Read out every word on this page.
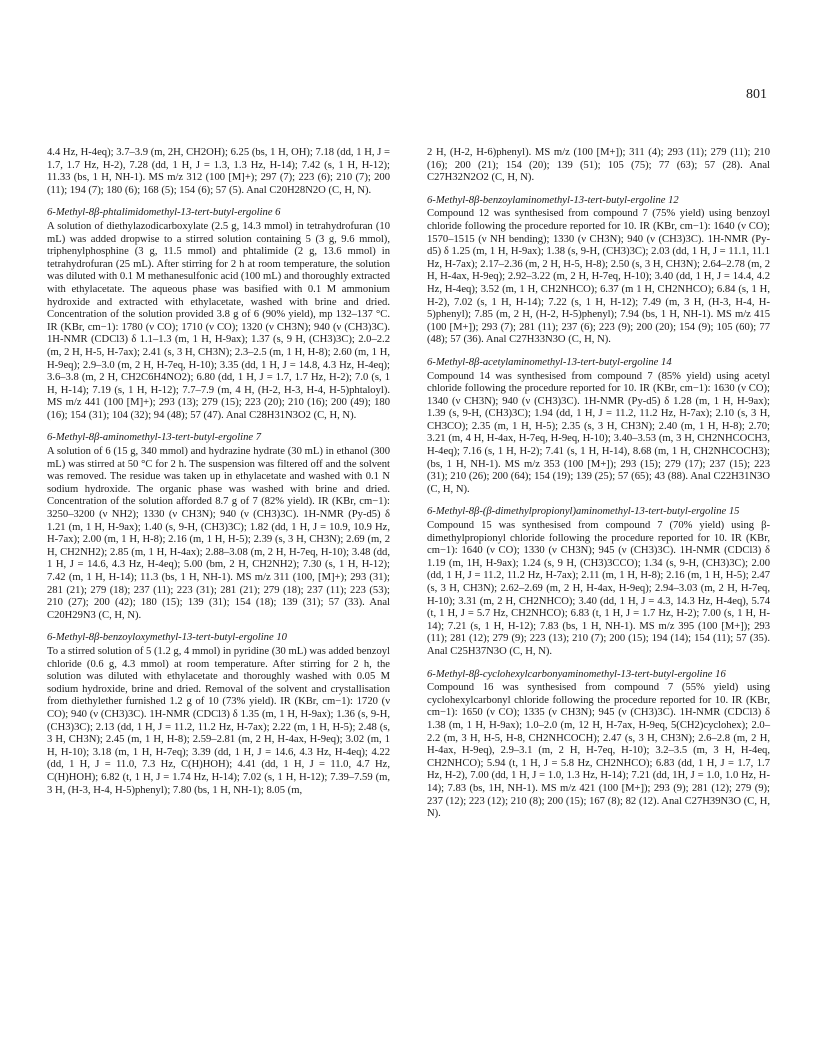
801

4.4 Hz, H-4eq); 3.7–3.9 (m, 2H, CH2OH); 6.25 (bs, 1 H, OH); 7.18 (dd, 1 H, J = 1.7, 1.7 Hz, H-2), 7.28 (dd, 1 H, J = 1.3, 1.3 Hz, H-14); 7.42 (s, 1 H, H-12); 11.33 (bs, 1 H, NH-1). MS m/z 312 (100 [M]+); 297 (7); 223 (6); 210 (7); 200 (11); 194 (7); 180 (6); 168 (5); 154 (6); 57 (5). Anal C20H28N2O (C, H, N).

6-Methyl-8β-phtalimidomethyl-13-tert-butyl-ergoline 6

A solution of diethylazodicarboxylate (2.5 g, 14.3 mmol) in tetrahydrofuran (10 mL) was added dropwise to a stirred solution containing 5 (3 g, 9.6 mmol), triphenylphosphine (3 g, 11.5 mmol) and phtalimide (2 g, 13.6 mmol) in tetrahydrofuran (25 mL). After stirring for 2 h at room temperature, the solution was diluted with 0.1 M methanesulfonic acid (100 mL) and thoroughly extracted with ethylacetate. The aqueous phase was basified with 0.1 M ammonium hydroxide and extracted with ethylacetate, washed with brine and dried. Concentration of the solution provided 3.8 g of 6 (90% yield), mp 132–137 °C. IR (KBr, cm−1): 1780 (ν CO); 1710 (ν CO); 1320 (ν CH3N); 940 (ν (CH3)3C). 1H-NMR (CDCl3) δ 1.1–1.3 (m, 1 H, H-9ax); 1.37 (s, 9 H, (CH3)3C); 2.0–2.2 (m, 2 H, H-5, H-7ax); 2.41 (s, 3 H, CH3N); 2.3–2.5 (m, 1 H, H-8); 2.60 (m, 1 H, H-9eq); 2.9–3.0 (m, 2 H, H-7eq, H-10); 3.35 (dd, 1 H, J = 14.8, 4.3 Hz, H-4eq); 3.6–3.8 (m, 2 H, CH2C6H4NO2); 6.80 (dd, 1 H, J = 1.7, 1.7 Hz, H-2); 7.0 (s, 1 H, H-14); 7.19 (s, 1 H, H-12); 7.7–7.9 (m, 4 H, (H-2, H-3, H-4, H-5)phtaloyl). MS m/z 441 (100 [M]+); 293 (13); 279 (15); 223 (20); 210 (16); 200 (49); 180 (16); 154 (31); 104 (32); 94 (48); 57 (47). Anal C28H31N3O2 (C, H, N).

6-Methyl-8β-aminomethyl-13-tert-butyl-ergoline 7

A solution of 6 (15 g, 340 mmol) and hydrazine hydrate (30 mL) in ethanol (300 mL) was stirred at 50 °C for 2 h. The suspension was filtered off and the solvent was removed. The residue was taken up in ethylacetate and washed with 0.1 N sodium hydroxide. The organic phase was washed with brine and dried. Concentration of the solution afforded 8.7 g of 7 (82% yield). IR (KBr, cm−1): 3250–3200 (ν NH2); 1330 (ν CH3N); 940 (ν (CH3)3C). 1H-NMR (Py-d5) δ 1.21 (m, 1 H, H-9ax); 1.40 (s, 9-H, (CH3)3C); 1.82 (dd, 1 H, J = 10.9, 10.9 Hz, H-7ax); 2.00 (m, 1 H, H-8); 2.16 (m, 1 H, H-5); 2.39 (s, 3 H, CH3N); 2.69 (m, 2 H, CH2NH2); 2.85 (m, 1 H, H-4ax); 2.88–3.08 (m, 2 H, H-7eq, H-10); 3.48 (dd, 1 H, J = 14.6, 4.3 Hz, H-4eq); 5.00 (bm, 2 H, CH2NH2); 7.30 (s, 1 H, H-12); 7.42 (m, 1 H, H-14); 11.3 (bs, 1 H, NH-1). MS m/z 311 (100, [M]+); 293 (31); 281 (21); 279 (18); 237 (11); 223 (31); 281 (21); 279 (18); 237 (11); 223 (53); 210 (27); 200 (42); 180 (15); 139 (31); 154 (18); 139 (31); 57 (33). Anal C20H29N3 (C, H, N).

6-Methyl-8β-benzoyloxymethyl-13-tert-butyl-ergoline 10

To a stirred solution of 5 (1.2 g, 4 mmol) in pyridine (30 mL) was added benzoyl chloride (0.6 g, 4.3 mmol) at room temperature. After stirring for 2 h, the solution was diluted with ethylacetate and thoroughly washed with 0.05 M sodium hydroxide, brine and dried. Removal of the solvent and crystallisation from diethylether furnished 1.2 g of 10 (73% yield). IR (KBr, cm−1): 1720 (ν CO); 940 (ν (CH3)3C). 1H-NMR (CDCl3) δ 1.35 (m, 1 H, H-9ax); 1.36 (s, 9-H, (CH3)3C); 2.13 (dd, 1 H, J = 11.2, 11.2 Hz, H-7ax); 2.22 (m, 1 H, H-5); 2.48 (s, 3 H, CH3N); 2.45 (m, 1 H, H-8); 2.59–2.81 (m, 2 H, H-4ax, H-9eq); 3.02 (m, 1 H, H-10); 3.18 (m, 1 H, H-7eq); 3.39 (dd, 1 H, J = 14.6, 4.3 Hz, H-4eq); 4.22 (dd, 1 H, J = 11.0, 7.3 Hz, C(H)HOH); 4.41 (dd, 1 H, J = 11.0, 4.7 Hz, C(H)HOH); 6.82 (t, 1 H, J = 1.74 Hz, H-14); 7.02 (s, 1 H, H-12); 7.39–7.59 (m, 3 H, (H-3, H-4, H-5)phenyl); 7.80 (bs, 1 H, NH-1); 8.05 (m,

2 H, (H-2, H-6)phenyl). MS m/z (100 [M+]); 311 (4); 293 (11); 279 (11); 210 (16); 200 (21); 154 (20); 139 (51); 105 (75); 77 (63); 57 (28). Anal C27H32N2O2 (C, H, N).

6-Methyl-8β-benzoylaminomethyl-13-tert-butyl-ergoline 12

Compound 12 was synthesised from compound 7 (75% yield) using benzoyl chloride following the procedure reported for 10. IR (KBr, cm−1): 1640 (ν CO); 1570–1515 (ν NH bending); 1330 (ν CH3N); 940 (ν (CH3)3C). 1H-NMR (Py-d5) δ 1.25 (m, 1 H, H-9ax); 1.38 (s, 9-H, (CH3)3C); 2.03 (dd, 1 H, J = 11.1, 11.1 Hz, H-7ax); 2.17–2.36 (m, 2 H, H-5, H-8); 2.50 (s, 3 H, CH3N); 2.64–2.78 (m, 2 H, H-4ax, H-9eq); 2.92–3.22 (m, 2 H, H-7eq, H-10); 3.40 (dd, 1 H, J = 14.4, 4.2 Hz, H-4eq); 3.52 (m, 1 H, CH2NHCO); 6.37 (m 1 H, CH2NHCO); 6.84 (s, 1 H, H-2), 7.02 (s, 1 H, H-14); 7.22 (s, 1 H, H-12); 7.49 (m, 3 H, (H-3, H-4, H-5)phenyl); 7.85 (m, 2 H, (H-2, H-5)phenyl); 7.94 (bs, 1 H, NH-1). MS m/z 415 (100 [M+]); 293 (7); 281 (11); 237 (6); 223 (9); 200 (20); 154 (9); 105 (60); 77 (48); 57 (36). Anal C27H33N3O (C, H, N).

6-Methyl-8β-acetylaminomethyl-13-tert-butyl-ergoline 14

Compound 14 was synthesised from compound 7 (85% yield) using acetyl chloride following the procedure reported for 10. IR (KBr, cm−1): 1630 (ν CO); 1340 (ν CH3N); 940 (ν (CH3)3C). 1H-NMR (Py-d5) δ 1.28 (m, 1 H, H-9ax); 1.39 (s, 9-H, (CH3)3C); 1.94 (dd, 1 H, J = 11.2, 11.2 Hz, H-7ax); 2.10 (s, 3 H, CH3CO); 2.35 (m, 1 H, H-5); 2.35 (s, 3 H, CH3N); 2.40 (m, 1 H, H-8); 2.70; 3.21 (m, 4 H, H-4ax, H-7eq, H-9eq, H-10); 3.40–3.53 (m, 3 H, CH2NHCOCH3, H-4eq); 7.16 (s, 1 H, H-2); 7.41 (s, 1 H, H-14), 8.68 (m, 1 H, CH2NHCOCH3); (bs, 1 H, NH-1). MS m/z 353 (100 [M+]); 293 (15); 279 (17); 237 (15); 223 (31); 210 (26); 200 (64); 154 (19); 139 (25); 57 (65); 43 (88). Anal C22H31N3O (C, H, N).

6-Methyl-8β-(β-dimethylpropionyl)aminomethyl-13-tert-butyl-ergoline 15

Compound 15 was synthesised from compound 7 (70% yield) using β-dimethylpropionyl chloride following the procedure reported for 10. IR (KBr, cm−1): 1640 (ν CO); 1330 (ν CH3N); 945 (ν (CH3)3C). 1H-NMR (CDCl3) δ 1.19 (m, 1H, H-9ax); 1.24 (s, 9 H, (CH3)3CCO); 1.34 (s, 9-H, (CH3)3C); 2.00 (dd, 1 H, J = 11.2, 11.2 Hz, H-7ax); 2.11 (m, 1 H, H-8); 2.16 (m, 1 H, H-5); 2.47 (s, 3 H, CH3N); 2.62–2.69 (m, 2 H, H-4ax, H-9eq); 2.94–3.03 (m, 2 H, H-7eq, H-10); 3.31 (m, 2 H, CH2NHCO); 3.40 (dd, 1 H, J = 4.3, 14.3 Hz, H-4eq), 5.74 (t, 1 H, J = 5.7 Hz, CH2NHCO); 6.83 (t, 1 H, J = 1.7 Hz, H-2); 7.00 (s, 1 H, H-14); 7.21 (s, 1 H, H-12); 7.83 (bs, 1 H, NH-1). MS m/z 395 (100 [M+]); 293 (11); 281 (12); 279 (9); 223 (13); 210 (7); 200 (15); 194 (14); 154 (11); 57 (35). Anal C25H37N3O (C, H, N).

6-Methyl-8β-cyclohexylcarbonyaminomethyl-13-tert-butyl-ergoline 16

Compound 16 was synthesised from compound 7 (55% yield) using cyclohexylcarbonyl chloride following the procedure reported for 10. IR (KBr, cm−1): 1650 (ν CO); 1335 (ν CH3N); 945 (ν (CH3)3C). 1H-NMR (CDCl3) δ 1.38 (m, 1 H, H-9ax); 1.0–2.0 (m, 12 H, H-7ax, H-9eq, 5(CH2)cyclohex); 2.0–2.2 (m, 3 H, H-5, H-8, CH2NHCOCH); 2.47 (s, 3 H, CH3N); 2.6–2.8 (m, 2 H, H-4ax, H-9eq), 2.9–3.1 (m, 2 H, H-7eq, H-10); 3.2–3.5 (m, 3 H, H-4eq, CH2NHCO); 5.94 (t, 1 H, J = 5.8 Hz, CH2NHCO); 6.83 (dd, 1 H, J = 1.7, 1.7 Hz, H-2), 7.00 (dd, 1 H, J = 1.0, 1.3 Hz, H-14); 7.21 (dd, 1H, J = 1.0, 1.0 Hz, H-14); 7.83 (bs, 1H, NH-1). MS m/z 421 (100 [M+]); 293 (9); 281 (12); 279 (9); 237 (12); 223 (12); 210 (8); 200 (15); 167 (8); 82 (12). Anal C27H39N3O (C, H, N).
